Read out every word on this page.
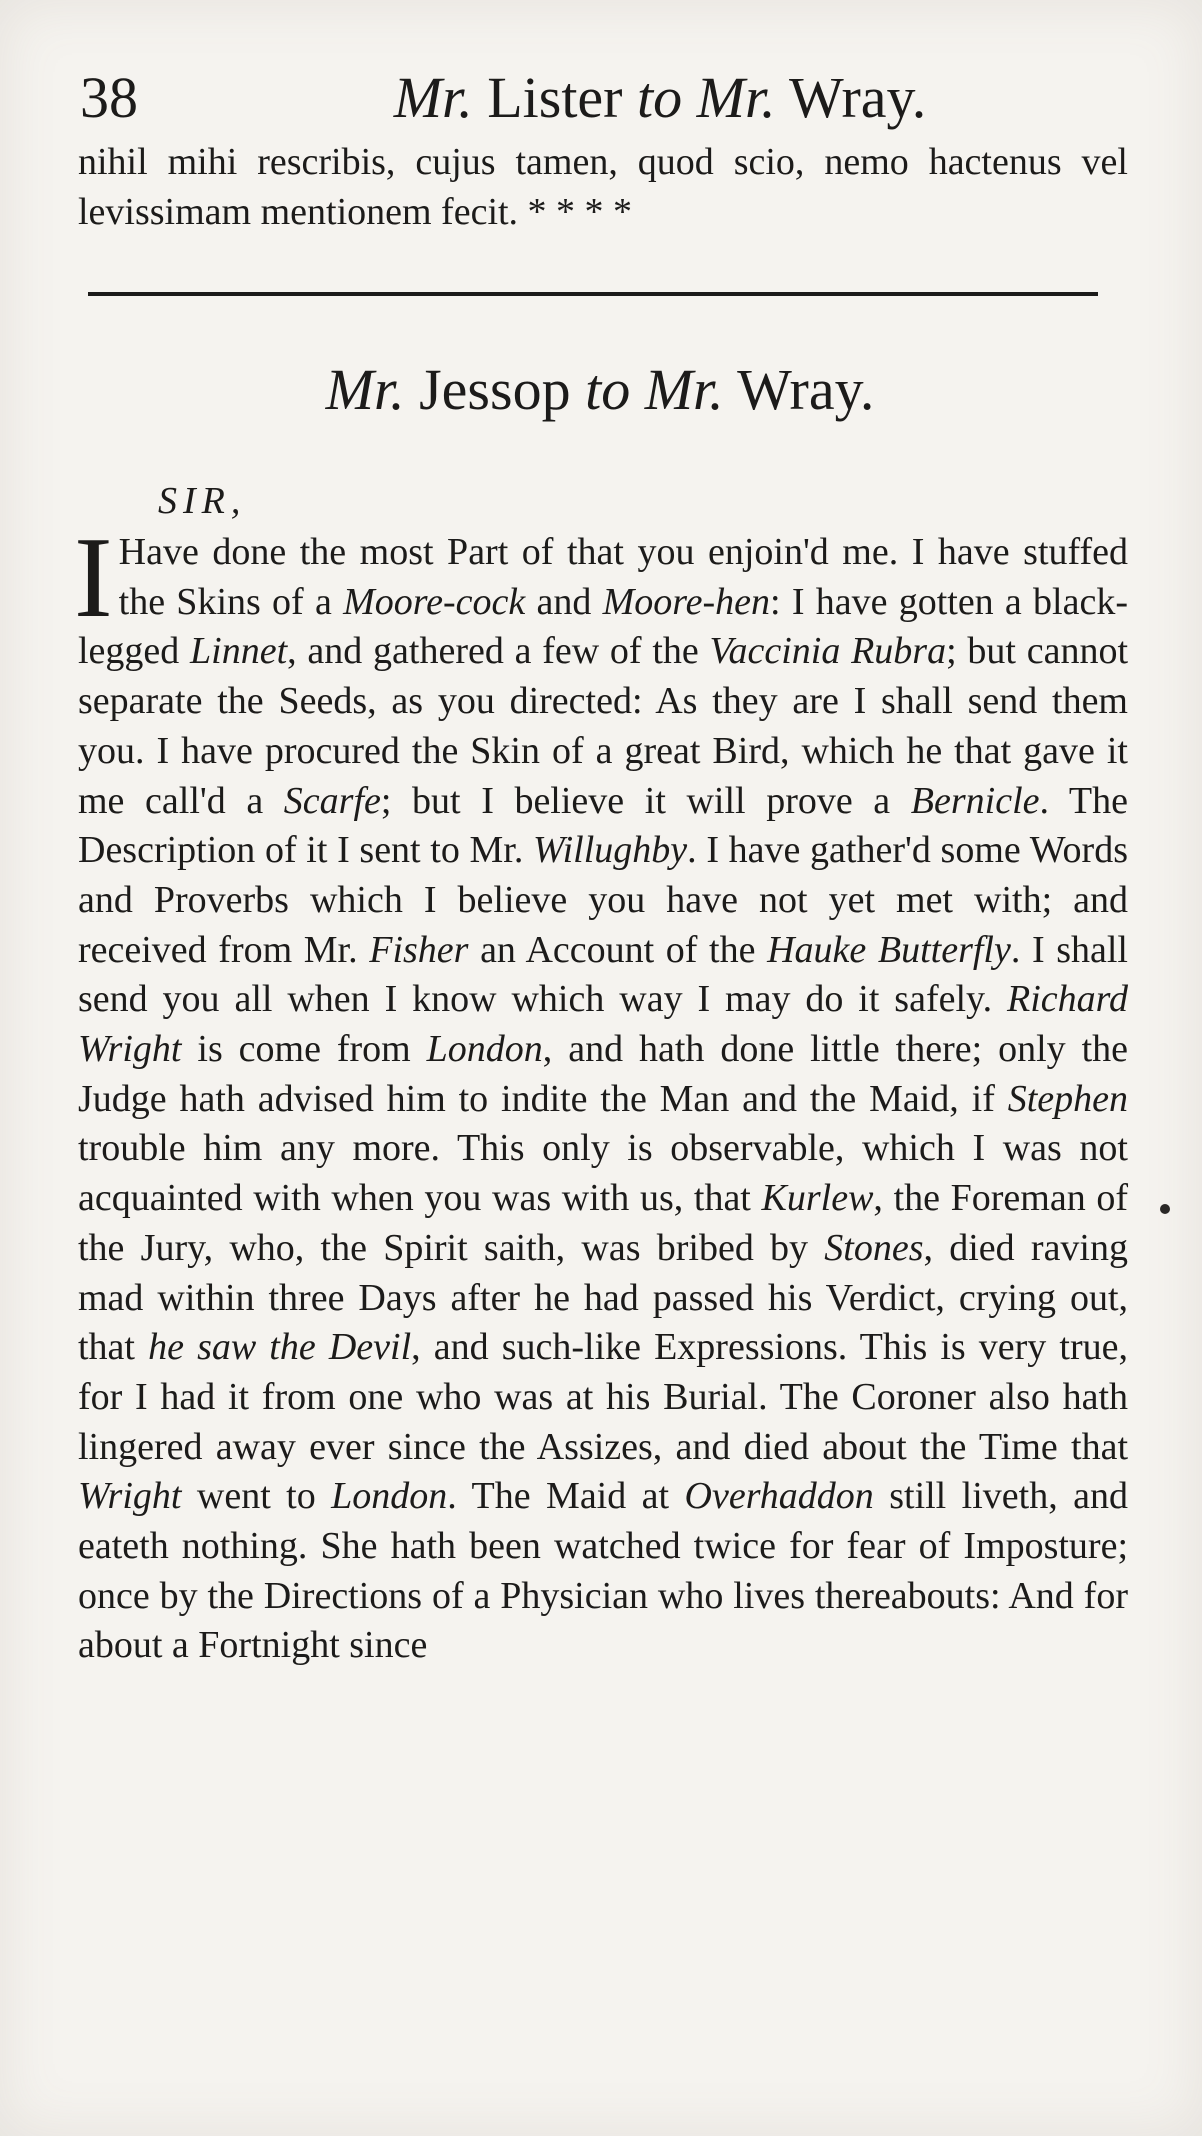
38	Mr. Lister to Mr. Wray.

nihil mihi rescribis, cujus tamen, quod scio, nemo hactenus vel levissimam mentionem fecit. * * * *

Mr. Jessop to Mr. Wray.
SIR,

I Have done the most Part of that you enjoin'd me. I have stuffed the Skins of a Moore-cock and Moore-hen: I have gotten a black-legged Linnet, and gathered a few of the Vaccinia Rubra; but cannot separate the Seeds, as you directed: As they are I shall send them you. I have procured the Skin of a great Bird, which he that gave it me call'd a Scarfe; but I believe it will prove a Bernicle. The Description of it I sent to Mr. Willughby. I have gather'd some Words and Proverbs which I believe you have not yet met with; and received from Mr. Fisher an Account of the Hauke Butterfly. I shall send you all when I know which way I may do it safely. Richard Wright is come from London, and hath done little there; only the Judge hath advised him to indite the Man and the Maid, if Stephen trouble him any more. This only is observable, which I was not acquainted with when you was with us, that Kurlew, the Foreman of the Jury, who, the Spirit saith, was bribed by Stones, died raving mad within three Days after he had passed his Verdict, crying out, that he saw the Devil, and such-like Expressions. This is very true, for I had it from one who was at his Burial. The Coroner also hath lingered away ever since the Assizes, and died about the Time that Wright went to London. The Maid at Overhaddon still liveth, and eateth nothing. She hath been watched twice for fear of Imposture; once by the Directions of a Physician who lives thereabouts: And for about a Fortnight since
